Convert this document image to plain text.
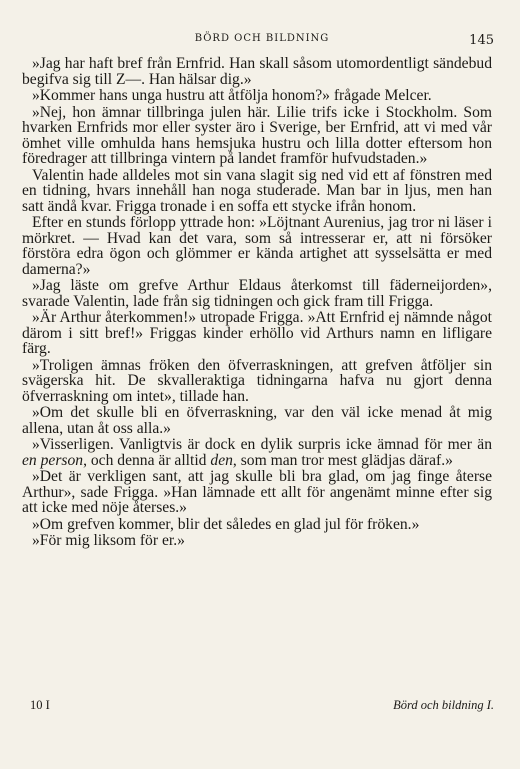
BÖRD OCH BILDNING	145

»Jag har haft bref från Ernfrid. Han skall såsom utomordentligt sändebud begifva sig till Z—. Han hälsar dig.»

»Kommer hans unga hustru att åtfölja honom?» frågade Melcer.

»Nej, hon ämnar tillbringa julen här. Lilie trifs icke i Stockholm. Som hvarken Ernfrids mor eller syster äro i Sverige, ber Ernfrid, att vi med vår ömhet ville omhulda hans hemsjuka hustru och lilla dotter eftersom hon föredrager att tillbringa vintern på landet framför hufvudstaden.»

Valentin hade alldeles mot sin vana slagit sig ned vid ett af fönstren med en tidning, hvars innehåll han noga studerade. Man bar in ljus, men han satt ändå kvar. Frigga tronade i en soffa ett stycke ifrån honom.

Efter en stunds förlopp yttrade hon: »Löjtnant Aurenius, jag tror ni läser i mörkret. — Hvad kan det vara, som så intresserar er, att ni försöker förstöra edra ögon och glömmer er kända artighet att sysselsätta er med damerna?»

»Jag läste om grefve Arthur Eldaus återkomst till fäderneijorden», svarade Valentin, lade från sig tidningen och gick fram till Frigga.

»Är Arthur återkommen!» utropade Frigga. »Att Ernfrid ej nämnde något därom i sitt bref!» Friggas kinder erhöllo vid Arthurs namn en lifligare färg.

»Troligen ämnas fröken den öfverraskningen, att grefven åtföljer sin svägerska hit. De skvalleraktiga tidningarna hafva nu gjort denna öfverraskning om intet», tillade han.

»Om det skulle bli en öfverraskning, var den väl icke menad åt mig allena, utan åt oss alla.»

»Visserligen. Vanligtvis är dock en dylik surpris icke ämnad för mer än en person, och denna är alltid den, som man tror mest glädjas däraf.»

»Det är verkligen sant, att jag skulle bli bra glad, om jag finge återse Arthur», sade Frigga. »Han lämnade ett allt för angenämt minne efter sig att icke med nöje återses.»

»Om grefven kommer, blir det således en glad jul för fröken.»

»För mig liksom för er.»

10 I	Börd och bildning I.
